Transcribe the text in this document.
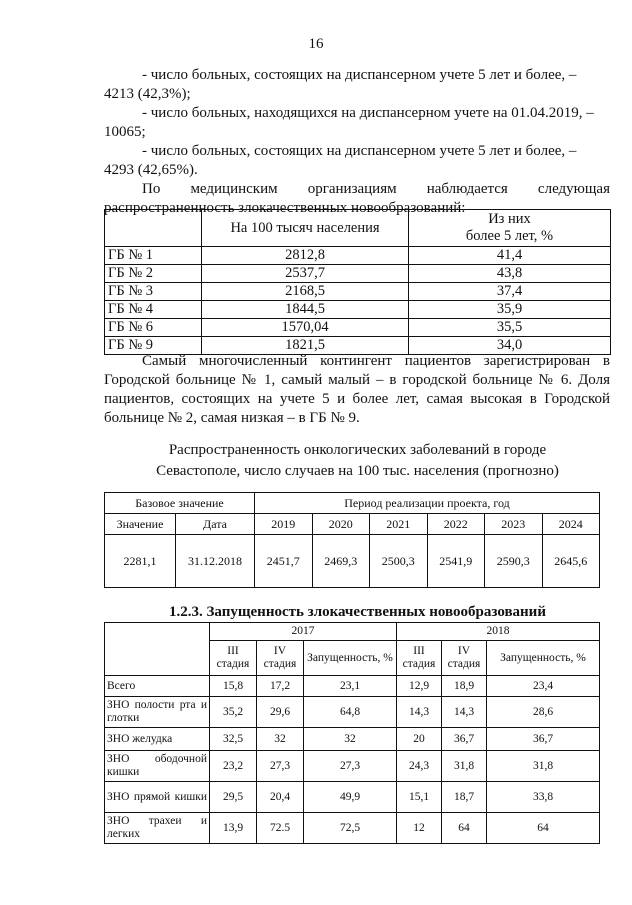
16

- число больных, состоящих на диспансерном учете 5 лет и более, –

4213 (42,3%);

- число больных, находящихся на диспансерном учете на 01.04.2019, –

10065;

- число больных, состоящих на диспансерном учете 5 лет и более, –

4293 (42,65%).

По медицинским организациям наблюдается следующая

распространенность злокачественных новообразований:

	На 100 тысяч населения	Из них
более 5 лет, %

ГБ № 1	2812,8	41,4
ГБ № 2	2537,7	43,8
ГБ № 3	2168,5	37,4
ГБ № 4	1844,5	35,9
ГБ № 6	1570,04	35,5
ГБ № 9	1821,5	34,0
Самый многочисленный контингент пациентов зарегистрирован в Городской больнице № 1, самый малый – в городской больнице № 6. Доля пациентов, состоящих на учете 5 и более лет, самая высокая в Городской больнице № 2, самая низкая – в ГБ № 9.
Распространенность онкологических заболеваний в городе
Севастополе, число случаев на 100 тыс. населения (прогнозно)
Базовое значение		Период реализации проекта, год					
Значение	Дата	2019	2020	2021	2022	2023	2024
2281,1	31.12.2018	2451,7	2469,3	2500,3	2541,9	2590,3	2645,6
1.2.3. Запущенность злокачественных новообразований
	2017			2018		
	III стадия	IV стадия	Запущенность, %	III стадия	IV стадия	Запущенность, %
Всего	15,8	17,2	23,1	12,9	18,9	23,4
ЗНО полости рта и глотки	35,2	29,6	64,8	14,3	14,3	28,6
ЗНО желудка	32,5	32	32	20	36,7	36,7
ЗНО ободочной кишки	23,2	27,3	27,3	24,3	31,8	31,8
ЗНО прямой кишки	29,5	20,4	49,9	15,1	18,7	33,8
ЗНО трахеи и легких	13,9	72.5	72,5	12	64	64
